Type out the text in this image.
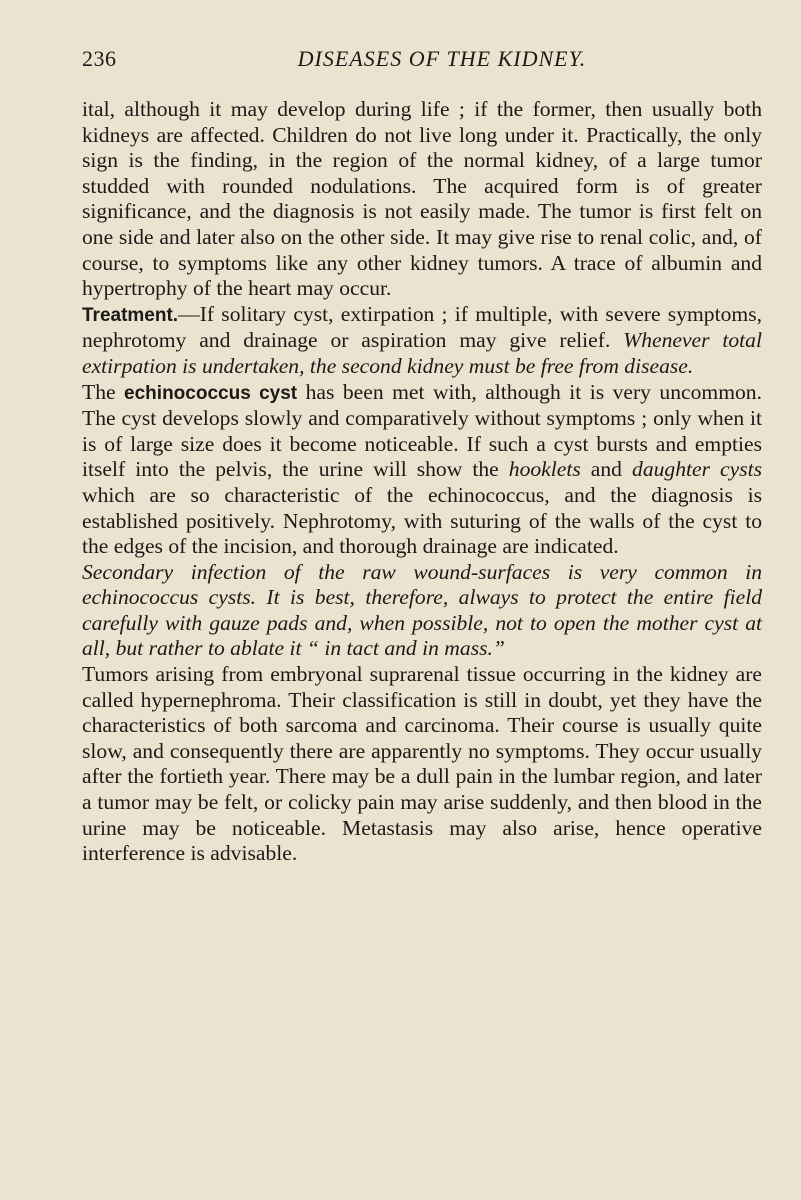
236	DISEASES OF THE KIDNEY.

ital, although it may develop during life ; if the former, then usually both kidneys are affected. Children do not live long under it. Practically, the only sign is the finding, in the region of the normal kidney, of a large tumor studded with rounded nodulations. The acquired form is of greater significance, and the diagnosis is not easily made. The tumor is first felt on one side and later also on the other side. It may give rise to renal colic, and, of course, to symptoms like any other kidney tumors. A trace of albumin and hypertrophy of the heart may occur.

Treatment.—If solitary cyst, extirpation ; if multiple, with severe symptoms, nephrotomy and drainage or aspiration may give relief. Whenever total extirpation is undertaken, the second kidney must be free from disease.

The echinococcus cyst has been met with, although it is very uncommon. The cyst develops slowly and comparatively without symptoms ; only when it is of large size does it become noticeable. If such a cyst bursts and empties itself into the pelvis, the urine will show the hooklets and daughter cysts which are so characteristic of the echinococcus, and the diagnosis is established positively. Nephrotomy, with suturing of the walls of the cyst to the edges of the incision, and thorough drainage are indicated.

Secondary infection of the raw wound-surfaces is very common in echinococcus cysts. It is best, therefore, always to protect the entire field carefully with gauze pads and, when possible, not to open the mother cyst at all, but rather to ablate it “ in tact and in mass.”

Tumors arising from embryonal suprarenal tissue occurring in the kidney are called hypernephroma. Their classification is still in doubt, yet they have the characteristics of both sarcoma and carcinoma. Their course is usually quite slow, and consequently there are apparently no symptoms. They occur usually after the fortieth year. There may be a dull pain in the lumbar region, and later a tumor may be felt, or colicky pain may arise suddenly, and then blood in the urine may be noticeable. Metastasis may also arise, hence operative interference is advisable.
